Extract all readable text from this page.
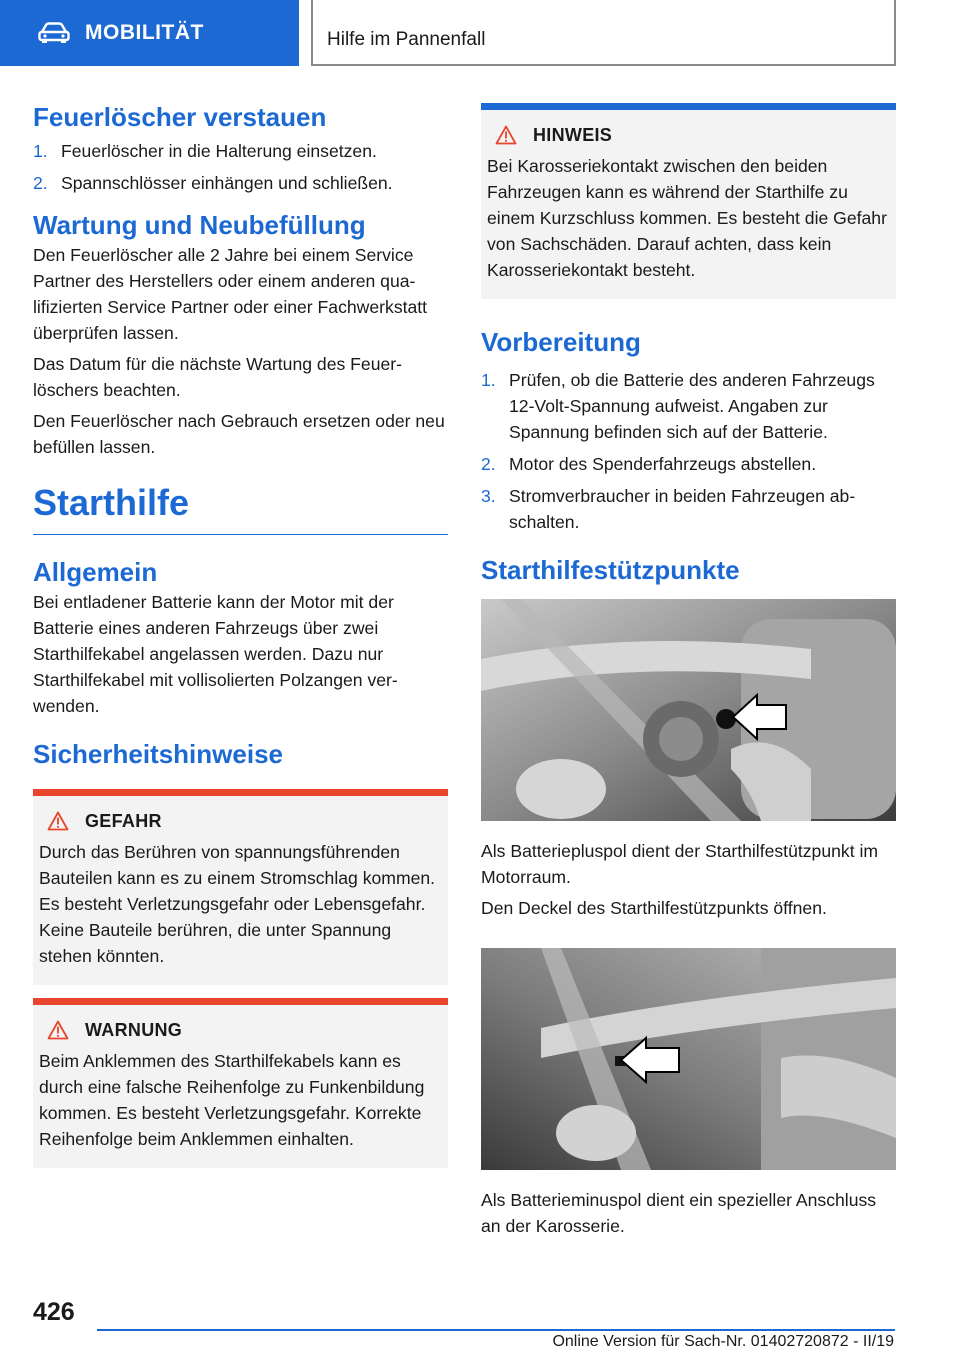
MOBILITÄT	Hilfe im Pannenfall
Feuerlöscher verstauen
1. Feuerlöscher in die Halterung einsetzen.
2. Spannschlösser einhängen und schließen.
Wartung und Neubefüllung

Den Feuerlöscher alle 2 Jahre bei einem Service Partner des Herstellers oder einem anderen qualifizierten Service Partner oder einer Fachwerkstatt überprüfen lassen.

Das Datum für die nächste Wartung des Feuerlöschers beachten.

Den Feuerlöscher nach Gebrauch ersetzen oder neu befüllen lassen.

Starthilfe
Allgemein

Bei entladener Batterie kann der Motor mit der Batterie eines anderen Fahrzeugs über zwei Starthilfekabel angelassen werden. Dazu nur Starthilfekabel mit vollisolierten Polzangen verwenden.

Sicherheitshinweise
GEFAHR

Durch das Berühren von spannungsführenden Bauteilen kann es zu einem Stromschlag kommen. Es besteht Verletzungsgefahr oder Lebensgefahr. Keine Bauteile berühren, die unter Spannung stehen könnten.

WARNUNG

Beim Anklemmen des Starthilfekabels kann es durch eine falsche Reihenfolge zu Funkenbildung kommen. Es besteht Verletzungsgefahr. Korrekte Reihenfolge beim Anklemmen einhalten.

HINWEIS

Bei Karosseriekontakt zwischen den beiden Fahrzeugen kann es während der Starthilfe zu einem Kurzschluss kommen. Es besteht die Gefahr von Sachschäden. Darauf achten, dass kein Karosseriekontakt besteht.

Vorbereitung
1. Prüfen, ob die Batterie des anderen Fahrzeugs 12-Volt-Spannung aufweist. Angaben zur Spannung befinden sich auf der Batterie.
2. Motor des Spenderfahrzeugs abstellen.
3. Stromverbraucher in beiden Fahrzeugen abschalten.
Starthilfestützpunkte

Als Batteriepluspol dient der Starthilfestützpunkt im Motorraum.

Den Deckel des Starthilfestützpunkts öffnen.

Als Batterieminuspol dient ein spezieller Anschluss an der Karosserie.

426
Online Version für Sach-Nr. 01402720872 - II/19
